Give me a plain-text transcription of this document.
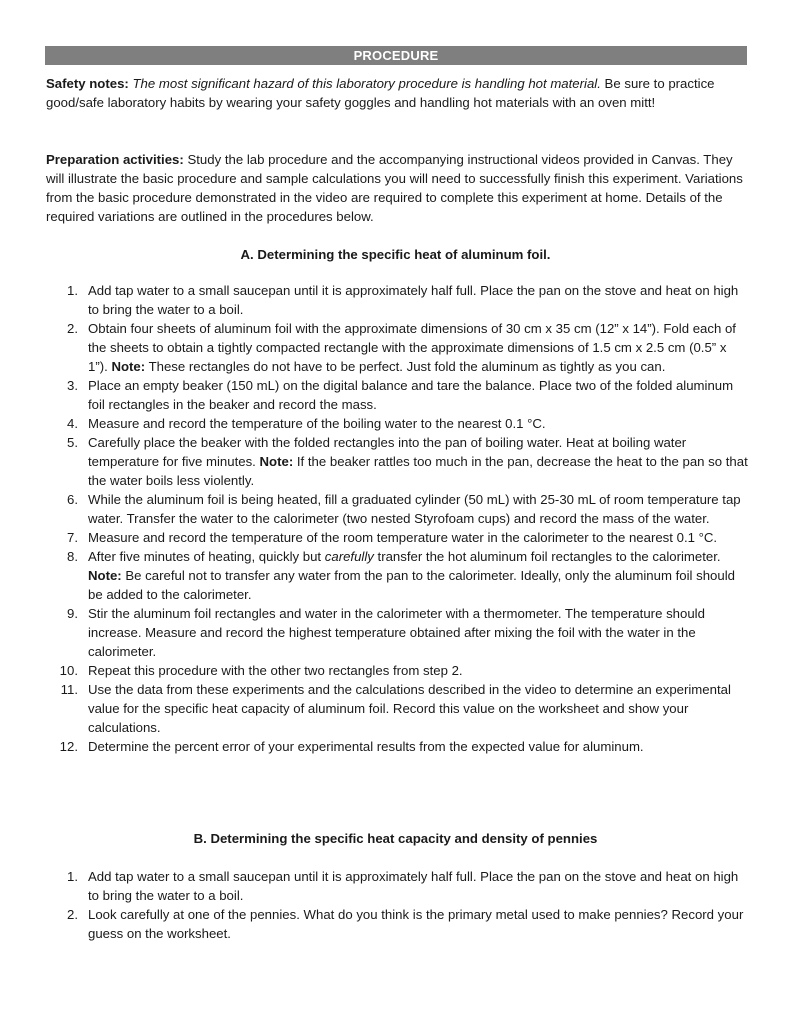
PROCEDURE

Safety notes: The most significant hazard of this laboratory procedure is handling hot material. Be sure to practice good/safe laboratory habits by wearing your safety goggles and handling hot materials with an oven mitt!

Preparation activities: Study the lab procedure and the accompanying instructional videos provided in Canvas. They will illustrate the basic procedure and sample calculations you will need to successfully finish this experiment. Variations from the basic procedure demonstrated in the video are required to complete this experiment at home. Details of the required variations are outlined in the procedures below.

A. Determining the specific heat of aluminum foil.

1. Add tap water to a small saucepan until it is approximately half full. Place the pan on the stove and heat on high to bring the water to a boil.
2. Obtain four sheets of aluminum foil with the approximate dimensions of 30 cm x 35 cm (12” x 14”). Fold each of the sheets to obtain a tightly compacted rectangle with the approximate dimensions of 1.5 cm x 2.5 cm (0.5” x 1”). Note: These rectangles do not have to be perfect. Just fold the aluminum as tightly as you can.
3. Place an empty beaker (150 mL) on the digital balance and tare the balance. Place two of the folded aluminum foil rectangles in the beaker and record the mass.
4. Measure and record the temperature of the boiling water to the nearest 0.1 °C.
5. Carefully place the beaker with the folded rectangles into the pan of boiling water. Heat at boiling water temperature for five minutes. Note: If the beaker rattles too much in the pan, decrease the heat to the pan so that the water boils less violently.
6. While the aluminum foil is being heated, fill a graduated cylinder (50 mL) with 25-30 mL of room temperature tap water. Transfer the water to the calorimeter (two nested Styrofoam cups) and record the mass of the water.
7. Measure and record the temperature of the room temperature water in the calorimeter to the nearest 0.1 °C.
8. After five minutes of heating, quickly but carefully transfer the hot aluminum foil rectangles to the calorimeter. Note: Be careful not to transfer any water from the pan to the calorimeter. Ideally, only the aluminum foil should be added to the calorimeter.
9. Stir the aluminum foil rectangles and water in the calorimeter with a thermometer. The temperature should increase. Measure and record the highest temperature obtained after mixing the foil with the water in the calorimeter.
10. Repeat this procedure with the other two rectangles from step 2.
11. Use the data from these experiments and the calculations described in the video to determine an experimental value for the specific heat capacity of aluminum foil. Record this value on the worksheet and show your calculations.
12. Determine the percent error of your experimental results from the expected value for aluminum.

B. Determining the specific heat capacity and density of pennies

1. Add tap water to a small saucepan until it is approximately half full. Place the pan on the stove and heat on high to bring the water to a boil.
2. Look carefully at one of the pennies. What do you think is the primary metal used to make pennies? Record your guess on the worksheet.
